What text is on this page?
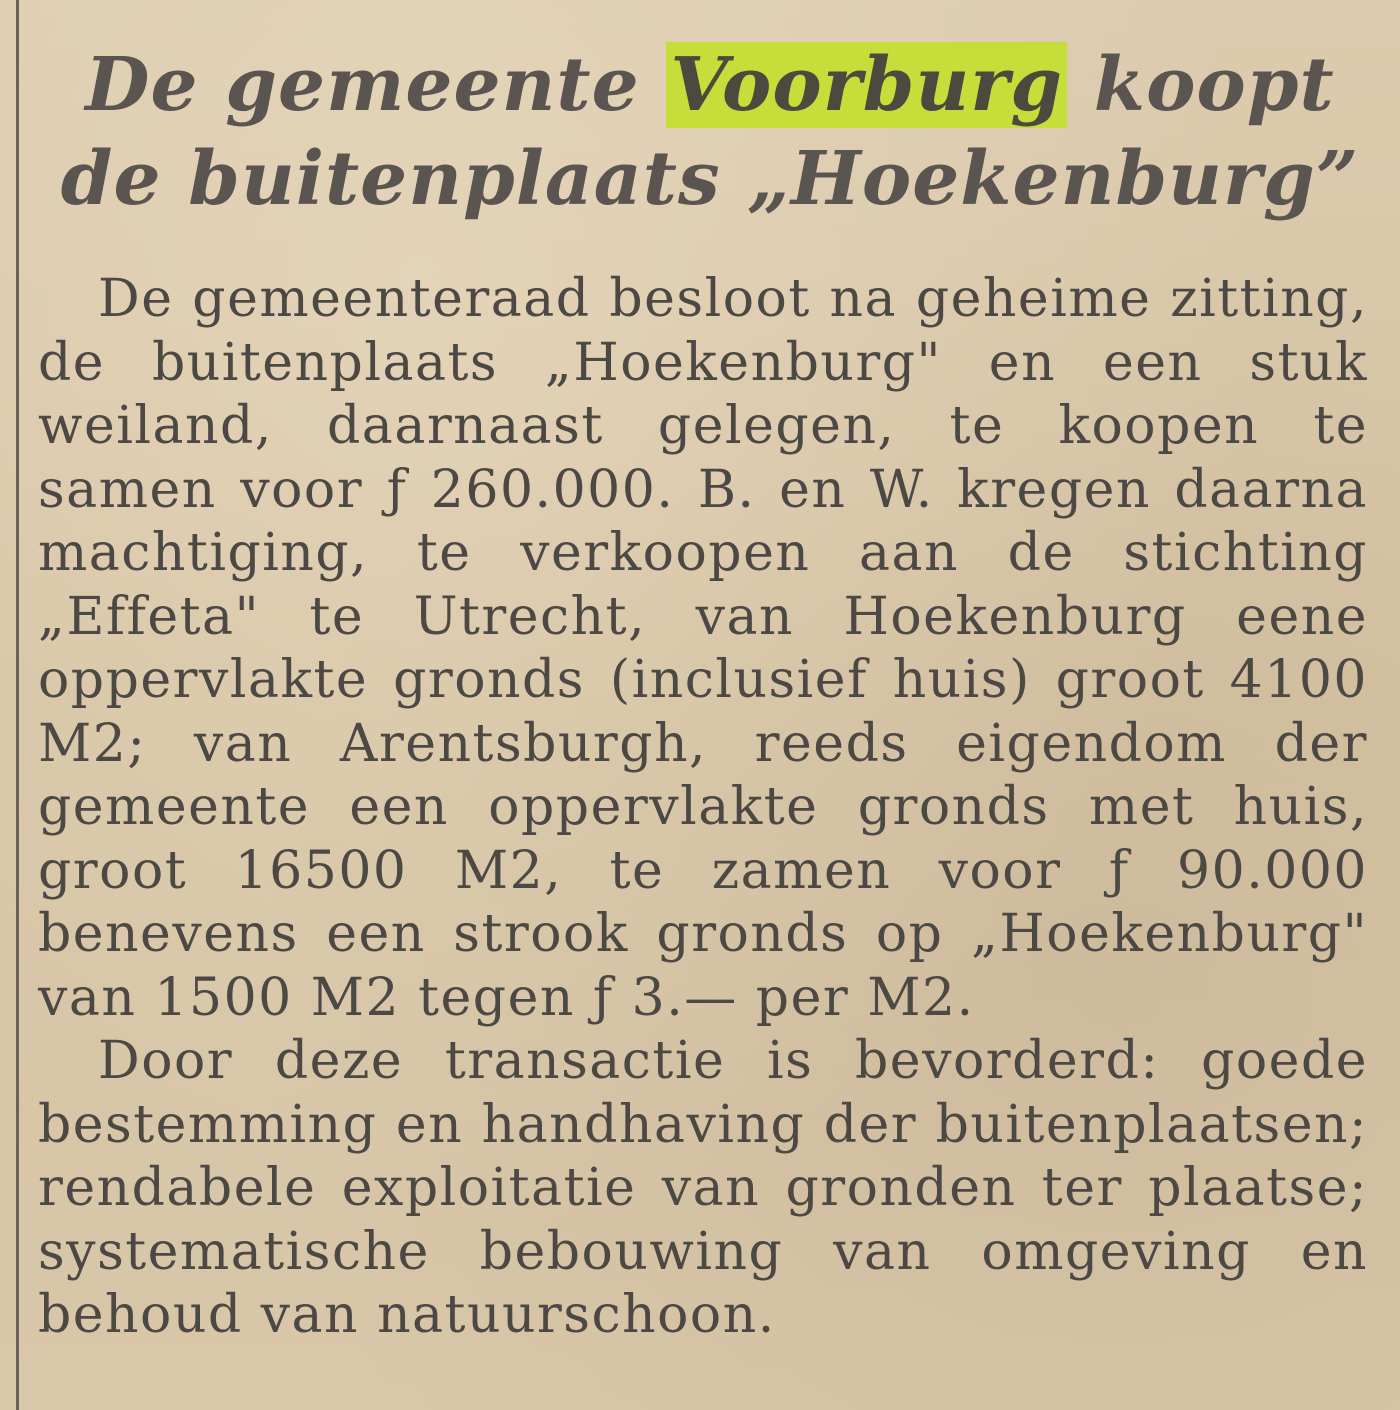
De gemeente Voorburg koopt de buitenplaats „Hoekenburg”

De gemeenteraad besloot na geheime zitting, de buitenplaats „Hoekenburg" en een stuk weiland, daarnaast gelegen, te koopen te samen voor ƒ 260.000. B. en W. kregen daarna machtiging, te verkoopen aan de stichting „Effeta" te Utrecht, van Hoekenburg eene oppervlakte gronds (inclusief huis) groot 4100 M2; van Arentsburgh, reeds eigendom der gemeente een oppervlakte gronds met huis, groot 16500 M2, te zamen voor ƒ 90.000 benevens een strook gronds op „Hoekenburg" van 1500 M2 tegen ƒ 3.— per M2.

Door deze transactie is bevorderd: goede bestemming en handhaving der buitenplaatsen; rendabele exploitatie van gronden ter plaatse; systematische bebouwing van omgeving en behoud van natuurschoon.
